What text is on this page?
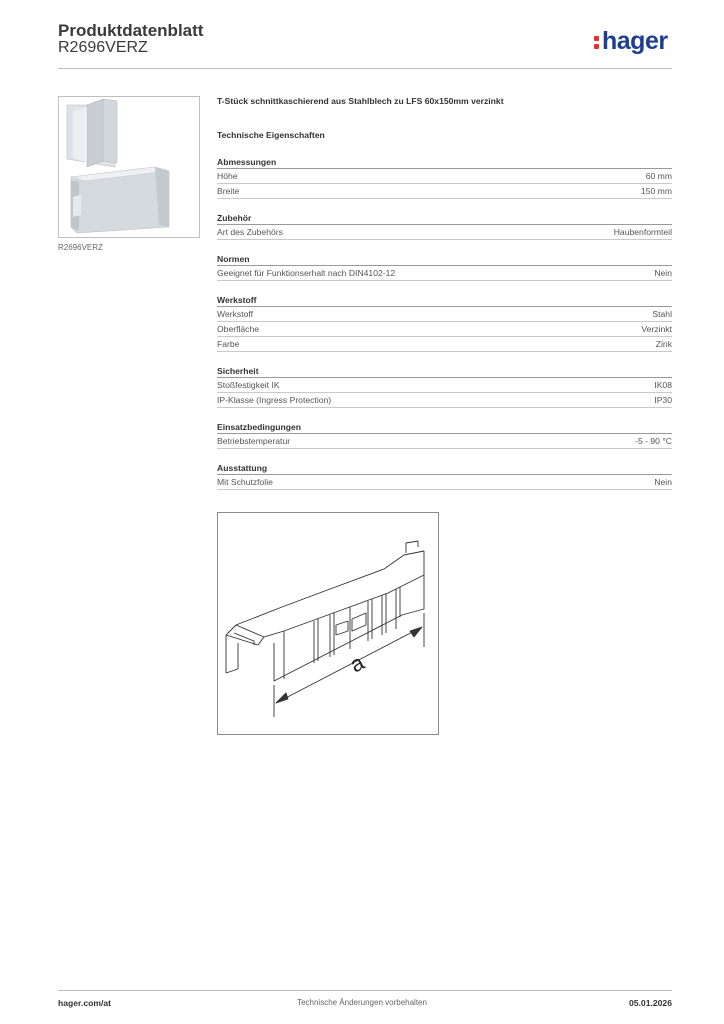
Produktdatenblatt
R2696VERZ	hager
R2696VERZ
T-Stück schnittkaschierend aus Stahlblech zu LFS 60x150mm verzinkt
Technische Eigenschaften
Abmessungen
Höhe	60 mm
Breite	150 mm
Zubehör
Art des Zubehörs	Haubenformteil
Normen
Geeignet für Funktionserhalt nach DIN4102-12	Nein
Werkstoff
Werkstoff	Stahl
Oberfläche	Verzinkt
Farbe	Zink
Sicherheit
Stoßfestigkeit IK	IK08
IP-Klasse (Ingress Protection)	IP30
Einsatzbedingungen
Betriebstemperatur	-5 - 90 °C
Ausstattung
Mit Schutzfolie	Nein
a
hager.com/at	Technische Änderungen vorbehalten	05.01.2026
